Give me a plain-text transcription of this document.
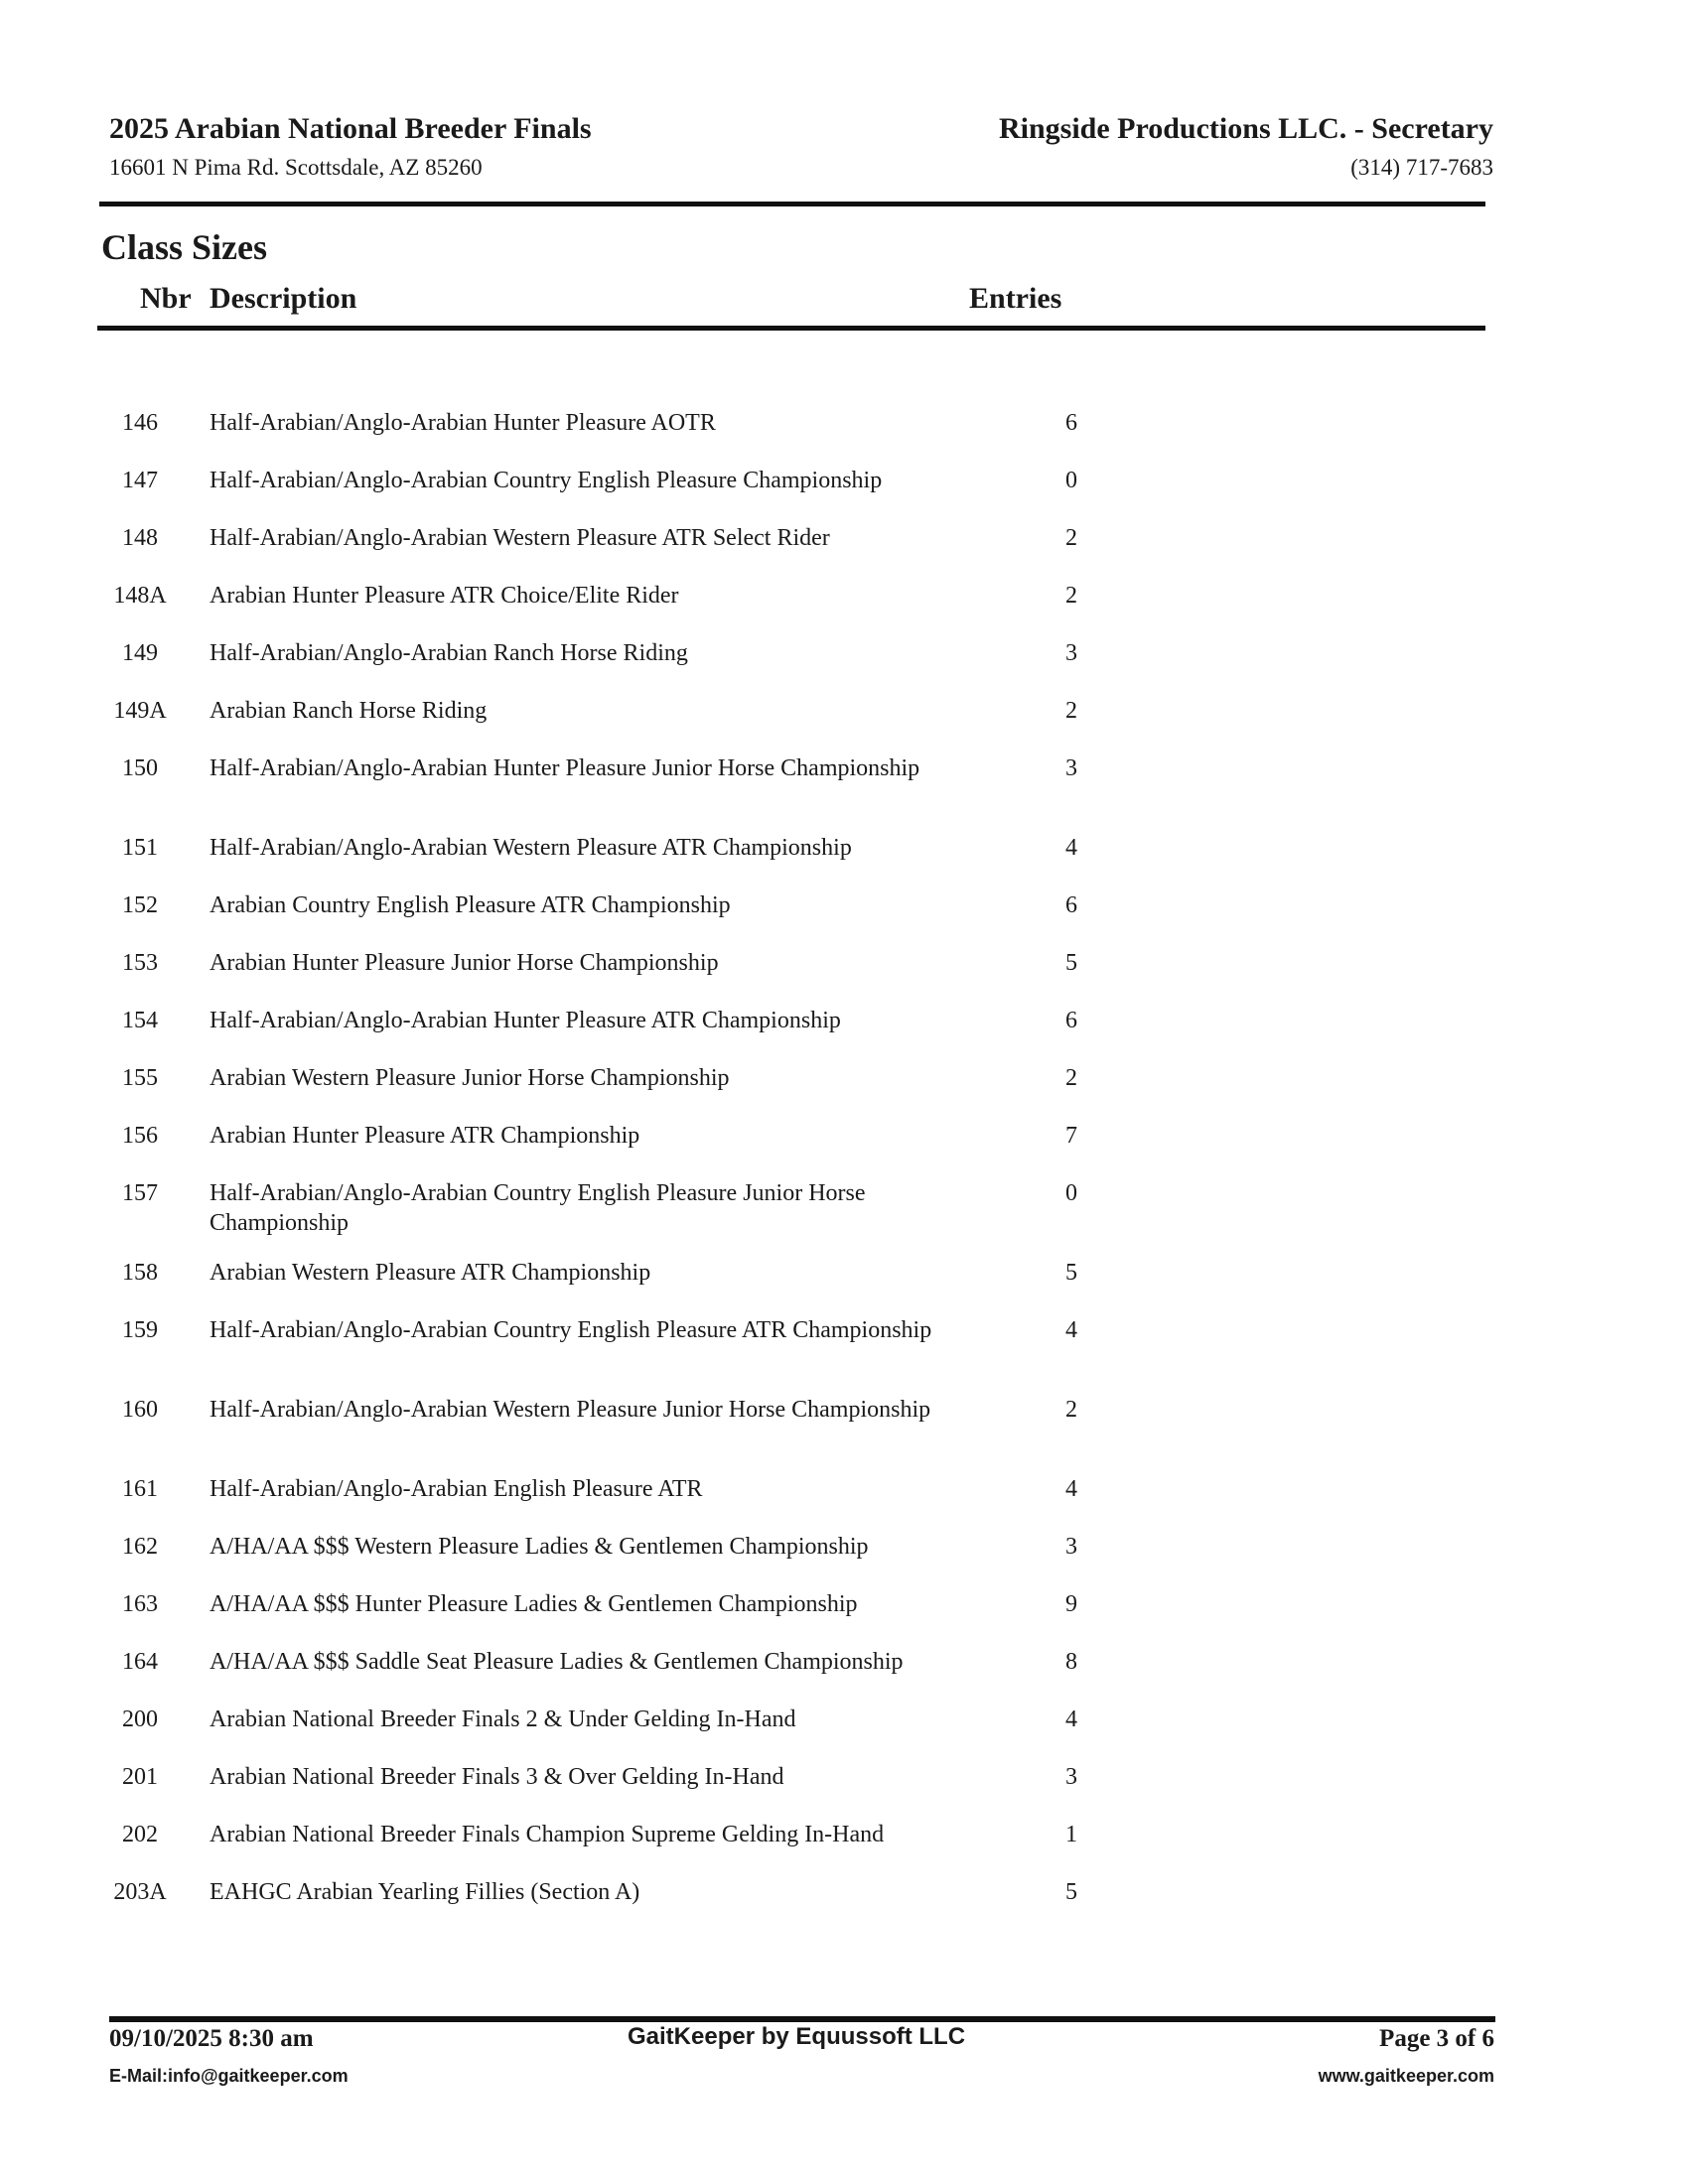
2025 Arabian National Breeder Finals
16601 N Pima Rd. Scottsdale, AZ 85260
Ringside Productions LLC. - Secretary
(314) 717-7683
Class Sizes
Nbr Description	Entries
146	Half-Arabian/Anglo-Arabian Hunter Pleasure AOTR	6
147	Half-Arabian/Anglo-Arabian Country English Pleasure Championship	0
148	Half-Arabian/Anglo-Arabian Western Pleasure ATR Select Rider	2
148A Arabian Hunter Pleasure ATR Choice/Elite Rider	2
149	Half-Arabian/Anglo-Arabian Ranch Horse Riding	3
149A Arabian Ranch Horse Riding	2
150	Half-Arabian/Anglo-Arabian Hunter Pleasure Junior Horse Championship	3
151	Half-Arabian/Anglo-Arabian Western Pleasure ATR Championship	4
152	Arabian Country English Pleasure ATR Championship	6
153	Arabian Hunter Pleasure Junior Horse Championship	5
154	Half-Arabian/Anglo-Arabian Hunter Pleasure ATR Championship	6
155	Arabian Western Pleasure Junior Horse Championship	2
156	Arabian Hunter Pleasure ATR Championship	7
157	Half-Arabian/Anglo-Arabian Country English Pleasure Junior Horse Championship
0
158	Arabian Western Pleasure ATR Championship	5
159	Half-Arabian/Anglo-Arabian Country English Pleasure ATR Championship	4
160	Half-Arabian/Anglo-Arabian Western Pleasure Junior Horse Championship	2
161	Half-Arabian/Anglo-Arabian English Pleasure ATR	4
162	A/HA/AA $$$ Western Pleasure Ladies & Gentlemen Championship	3
163	A/HA/AA $$$ Hunter Pleasure Ladies & Gentlemen Championship	9
164	A/HA/AA $$$ Saddle Seat Pleasure Ladies & Gentlemen Championship	8
200	Arabian National Breeder Finals 2 & Under Gelding In-Hand	4
201	Arabian National Breeder Finals 3 & Over Gelding In-Hand	3
202	Arabian National Breeder Finals Champion Supreme Gelding In-Hand	1
203A EAHGC Arabian Yearling Fillies (Section A)	5
09/10/2025 8:30 am	GaitKeeper by Equussoft LLC	Page 3 of 6
E-Mail:info@gaitkeeper.com	www.gaitkeeper.com
